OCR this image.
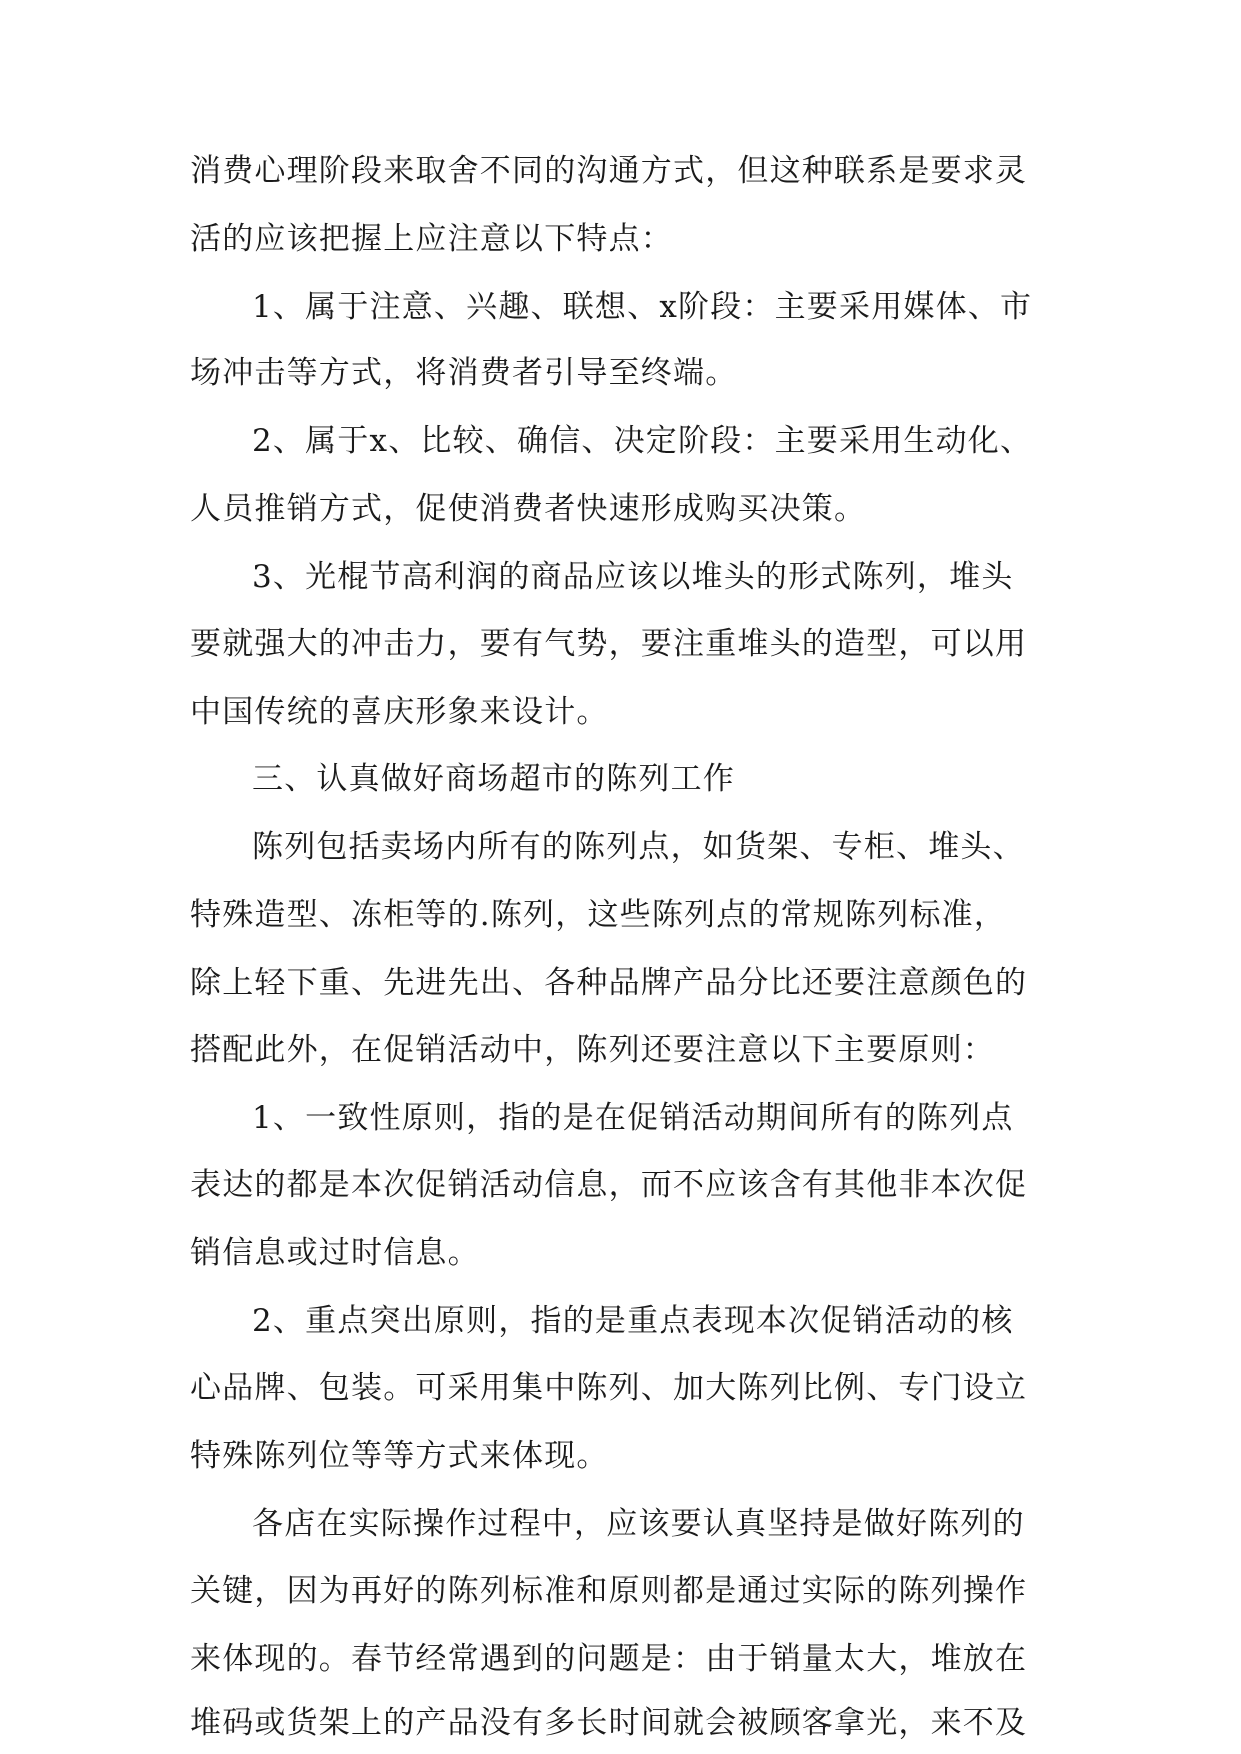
消费心理阶段来取舍不同的沟通方式，但这种联系是要求灵
活的应该把握上应注意以下特点：
1、属于注意、兴趣、联想、x阶段：主要采用媒体、市
场冲击等方式，将消费者引导至终端。
2、属于x、比较、确信、决定阶段：主要采用生动化、
人员推销方式，促使消费者快速形成购买决策。
3、光棍节高利润的商品应该以堆头的形式陈列，堆头
要就强大的冲击力，要有气势，要注重堆头的造型，可以用
中国传统的喜庆形象来设计。
三、认真做好商场超市的陈列工作
陈列包括卖场内所有的陈列点，如货架、专柜、堆头、
特殊造型、冻柜等的.陈列，这些陈列点的常规陈列标准，
除上轻下重、先进先出、各种品牌产品分比还要注意颜色的
搭配此外，在促销活动中，陈列还要注意以下主要原则：
1、一致性原则，指的是在促销活动期间所有的陈列点
表达的都是本次促销活动信息，而不应该含有其他非本次促
销信息或过时信息。
2、重点突出原则，指的是重点表现本次促销活动的核
心品牌、包装。可采用集中陈列、加大陈列比例、专门设立
特殊陈列位等等方式来体现。
各店在实际操作过程中，应该要认真坚持是做好陈列的
关键，因为再好的陈列标准和原则都是通过实际的陈列操作
来体现的。春节经常遇到的问题是：由于销量太大，堆放在
堆码或货架上的产品没有多长时间就会被顾客拿光，来不及
